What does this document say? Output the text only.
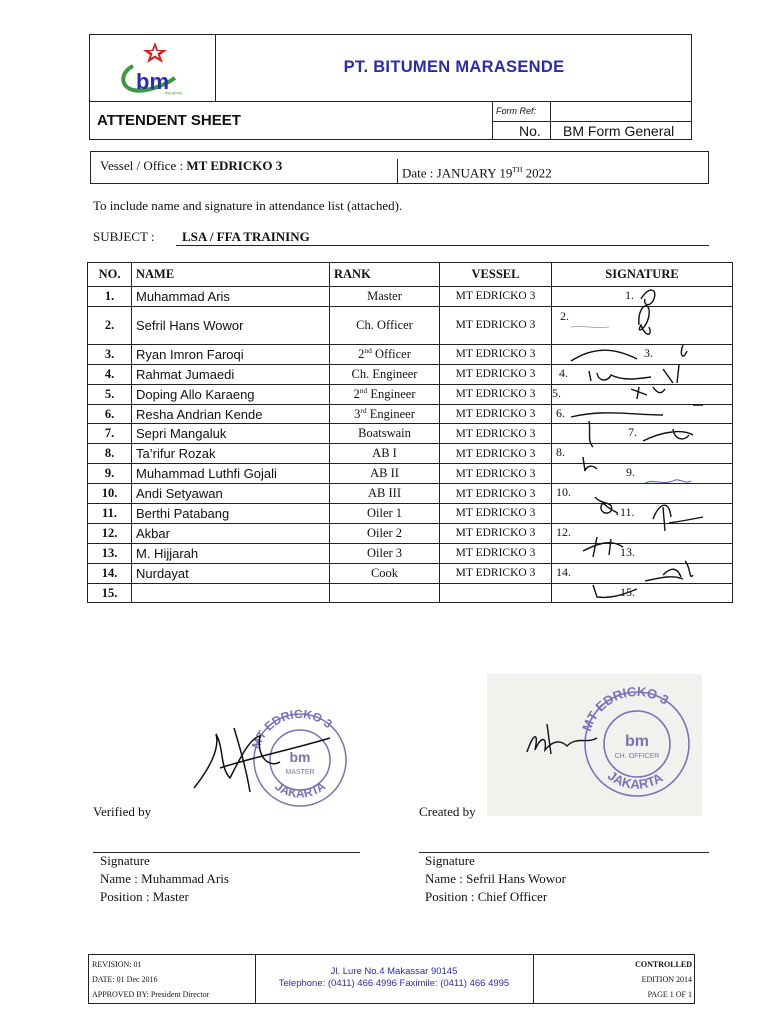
bm
tng group
PT. BITUMEN MARASENDE
ATTENDENT SHEET
Form Ref:
No. BM Form General
Vessel / Office : MT EDRICKO 3	Date : JANUARY 19TH 2022
To include name and signature in attendance list (attached).
SUBJECT : LSA / FFA TRAINING
NO.	NAME	RANK	VESSEL	SIGNATURE
1.	Muhammad Aris	Master	MT EDRICKO 3	1.

2.	Sefril Hans Wowor	Ch. Officer	MT EDRICKO 3	2.

3.	Ryan Imron Faroqi	2nd Officer	MT EDRICKO 3	3.

4.	Rahmat Jumaedi	Ch. Engineer	MT EDRICKO 3	4.

5.	Doping Allo Karaeng	2nd Engineer	MT EDRICKO 3	5.

6.	Resha Andrian Kende	3rd Engineer	MT EDRICKO 3	6.

7.	Sepri Mangaluk	Boatswain	MT EDRICKO 3	7.

8.	Ta’rifur Rozak	AB I	MT EDRICKO 3	8.

9.	Muhammad Luthfi Gojali	AB II	MT EDRICKO 3	9.

10.	Andi Setyawan	AB III	MT EDRICKO 3	10.

11.	Berthi Patabang	Oiler 1	MT EDRICKO 3	11.

12.	Akbar	Oiler 2	MT EDRICKO 3	12.

13.	M. Hijjarah	Oiler 3	MT EDRICKO 3	13.

14.	Nurdayat	Cook	MT EDRICKO 3	14.

15.				15.
MT EDRICKO 3
JAKARTA
bm
MASTER
MT EDRICKO 3
JAKARTA
bm
CH. OFFICER
Verified by	Created by
Signature
Name : Muhammad Aris
Position : Master
Signature
Name : Sefril Hans Wowor
Position : Chief Officer
REVISION: 01
DATE: 01 Dec 2016
APPROVED BY: President Director
Jl. Lure No.4 Makassar 90145
Telephone: (0411) 466 4996 Faximile: (0411) 466 4995
CONTROLLED
EDITION 2014
PAGE 1 OF 1
